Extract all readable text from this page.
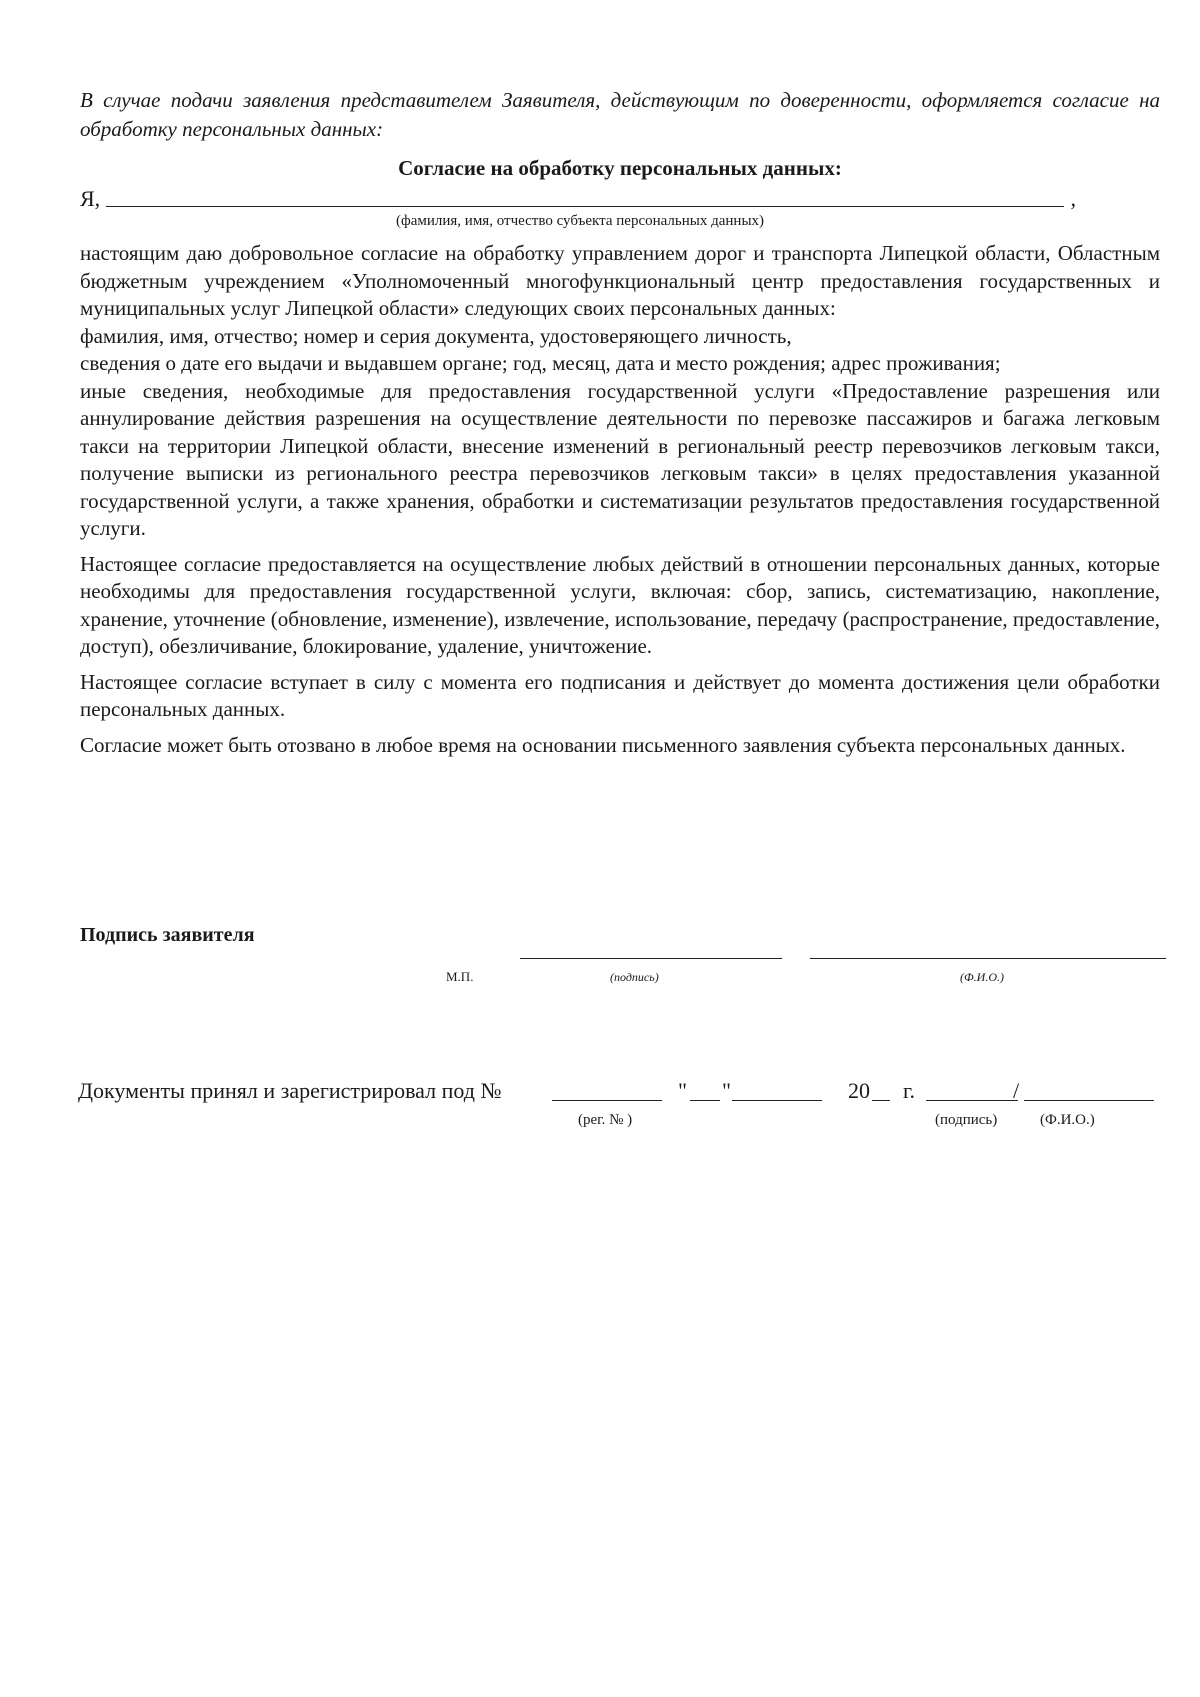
В случае подачи заявления представителем Заявителя, действующим по доверенности, оформляется согласие на обработку персональных данных:
Согласие на обработку персональных данных:
Я,	,
(фамилия, имя, отчество субъекта персональных данных)

настоящим даю добровольное согласие на обработку управлением дорог и транспорта Липецкой области, Областным бюджетным учреждением «Уполномоченный многофункциональный центр предоставления государственных и муниципальных услуг Липецкой области» следующих своих персональных данных:

фамилия, имя, отчество; номер и серия документа, удостоверяющего личность,

сведения о дате его выдачи и выдавшем органе; год, месяц, дата и место рождения; адрес проживания;

иные сведения, необходимые для предоставления государственной услуги «Предоставление разрешения или аннулирование действия разрешения на осуществление деятельности по перевозке пассажиров и багажа легковым такси на территории Липецкой области, внесение изменений в региональный реестр перевозчиков легковым такси, получение выписки из регионального реестра перевозчиков легковым такси» в целях предоставления указанной государственной услуги, а также хранения, обработки и систематизации результатов предоставления государственной услуги.

Настоящее согласие предоставляется на осуществление любых действий в отношении персональных данных, которые необходимы для предоставления государственной услуги, включая: сбор, запись, систематизацию, накопление, хранение, уточнение (обновление, изменение), извлечение, использование, передачу (распространение, предоставление, доступ), обезличивание, блокирование, удаление, уничтожение.

Настоящее согласие вступает в силу с момента его подписания и действует до момента достижения цели обработки персональных данных.

Согласие может быть отозвано в любое время на основании письменного заявления субъекта персональных данных.

Подпись заявителя
М.П.	(подпись)	(Ф.И.О.)
Документы принял и зарегистрировал под №	" "	20 г.	/
(рег. № )	(подпись)	(Ф.И.О.)
